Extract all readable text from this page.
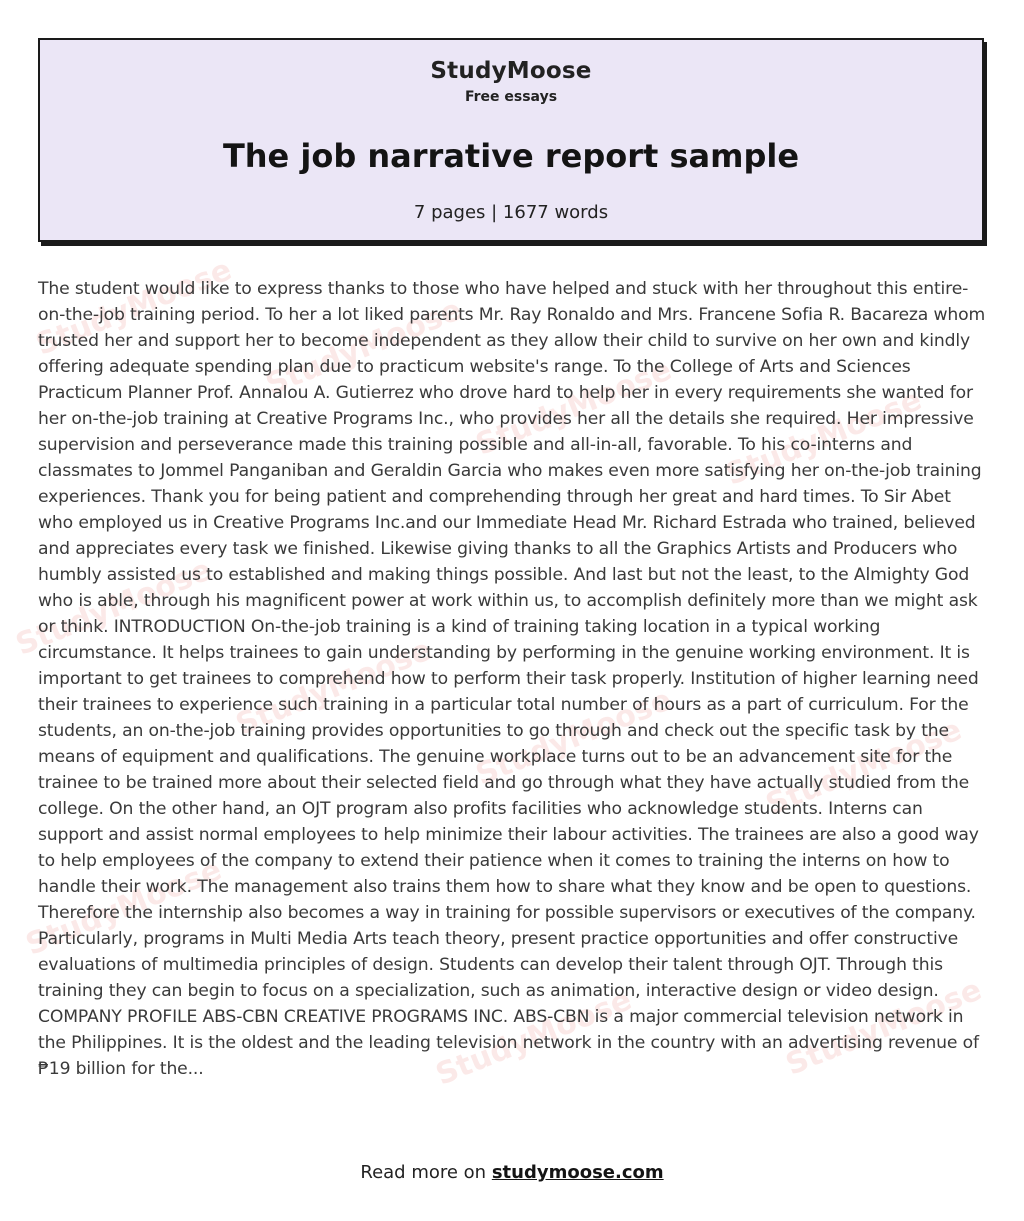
StudyMoose
Free essays
The job narrative report sample
7 pages | 1677 words
StudyMoose StudyMoose
StudyMoose StudyMoose
StudyMoose
StudyMoose StudyMoose	StudyMoose
StudyMoose
StudyMoose	StudyMoose

The student would like to express thanks to those who have helped and stuck with her throughout this entire-on-the-job training period. To her a lot liked parents Mr. Ray Ronaldo and Mrs. Francene Sofia R. Bacareza whom trusted her and support her to become independent as they allow their child to survive on her own and kindly offering adequate spending plan due to practicum website's range. To the College of Arts and Sciences Practicum Planner Prof. Annalou A. Gutierrez who drove hard to help her in every requirements she wanted for her on-the-job training at Creative Programs Inc., who provides her all the details she required. Her impressive supervision and perseverance made this training possible and all-in-all, favorable. To his co-interns and classmates to Jommel Panganiban and Geraldin Garcia who makes even more satisfying her on-the-job training experiences. Thank you for being patient and comprehending through her great and hard times. To Sir Abet who employed us in Creative Programs Inc.and our Immediate Head Mr. Richard Estrada who trained, believed and appreciates every task we finished. Likewise giving thanks to all the Graphics Artists and Producers who humbly assisted us to established and making things possible. And last but not the least, to the Almighty God who is able, through his magnificent power at work within us, to accomplish definitely more than we might ask or think. INTRODUCTION On-the-job training is a kind of training taking location in a typical working circumstance. It helps trainees to gain understanding by performing in the genuine working environment. It is important to get trainees to comprehend how to perform their task properly. Institution of higher learning need their trainees to experience such training in a particular total number of hours as a part of curriculum. For the students, an on-the-job training provides opportunities to go through and check out the specific task by the means of equipment and qualifications. The genuine workplace turns out to be an advancement site for the trainee to be trained more about their selected field and go through what they have actually studied from the college. On the other hand, an OJT program also profits facilities who acknowledge students. Interns can support and assist normal employees to help minimize their labour activities. The trainees are also a good way to help employees of the company to extend their patience when it comes to training the interns on how to handle their work. The management also trains them how to share what they know and be open to questions. Therefore the internship also becomes a way in training for possible supervisors or executives of the company. Particularly, programs in Multi Media Arts teach theory, present practice opportunities and offer constructive evaluations of multimedia principles of design. Students can develop their talent through OJT. Through this training they can begin to focus on a specialization, such as animation, interactive design or video design. COMPANY PROFILE ABS-CBN CREATIVE PROGRAMS INC. ABS-CBN is a major commercial television network in the Philippines. It is the oldest and the leading television network in the country with an advertising revenue of ₱19 billion for the...

Read more on studymoose.com
